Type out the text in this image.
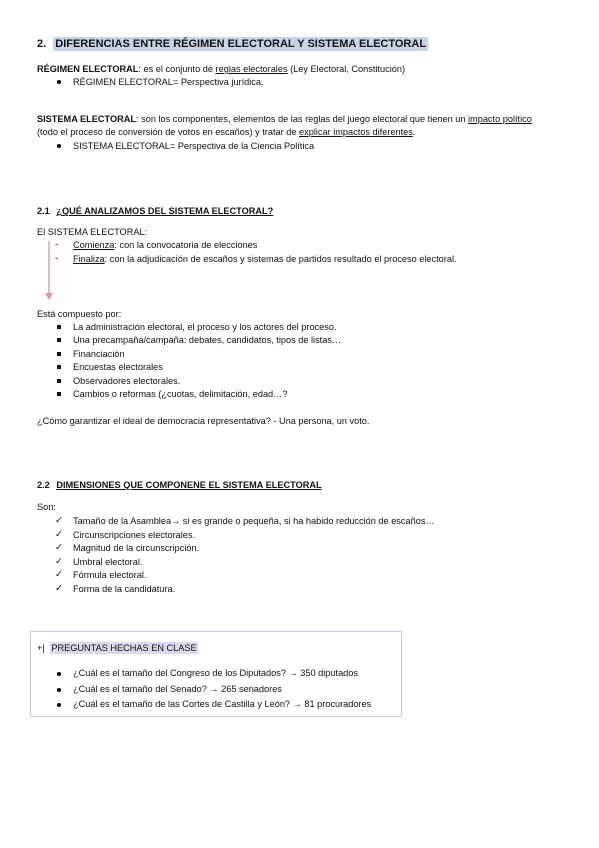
2. DIFERENCIAS ENTRE RÉGIMEN ELECTORAL Y SISTEMA ELECTORAL
RÉGIMEN ELECTORAL: es el conjunto de reglas electorales (Ley Electoral, Constitución)
RÉGIMEN ELECTORAL= Perspectiva jurídica.
SISTEMA ELECTORAL: son los componentes, elementos de las reglas del juego electoral que tienen un impacto político
(todo el proceso de conversión de votos en escaños) y tratar de explicar impactos diferentes.
SISTEMA ELECTORAL= Perspectiva de la Ciencia Política
2.1 ¿QUÉ ANALIZAMOS DEL SISTEMA ELECTORAL?
El SISTEMA ELECTORAL:
- Comienza: con la convocatoria de elecciones
- Finaliza: con la adjudicación de escaños y sistemas de partidos resultado el proceso electoral.
Está compuesto por:
La administración electoral, el proceso y los actores del proceso.
Una precampaña/campaña: debates, candidatos, tipos de listas…
Financiación
Encuestas electorales
Observadores electorales.
Cambios o reformas (¿cuotas, delimitación, edad…?
¿Cómo garantizar el ideal de democracia representativa? - Una persona, un voto.
2.2 DIMENSIONES QUE COMPONENE EL SISTEMA ELECTORAL
Son:
✓ Tamaño de la Asamblea→ si es grande o pequeña, si ha habido reducción de escaños…
✓ Circunscripciones electorales.
✓ Magnitud de la circunscripción.
✓ Umbral electoral.
✓ Fórmula electoral.
✓ Forma de la candidatura.
+| PREGUNTAS HECHAS EN CLASE
¿Cuál es el tamaño del Congreso de los Diputados? → 350 diputados
¿Cuál es el tamaño del Senado? → 265 senadores
¿Cuál es el tamaño de las Cortes de Castilla y León? → 81 procuradores
